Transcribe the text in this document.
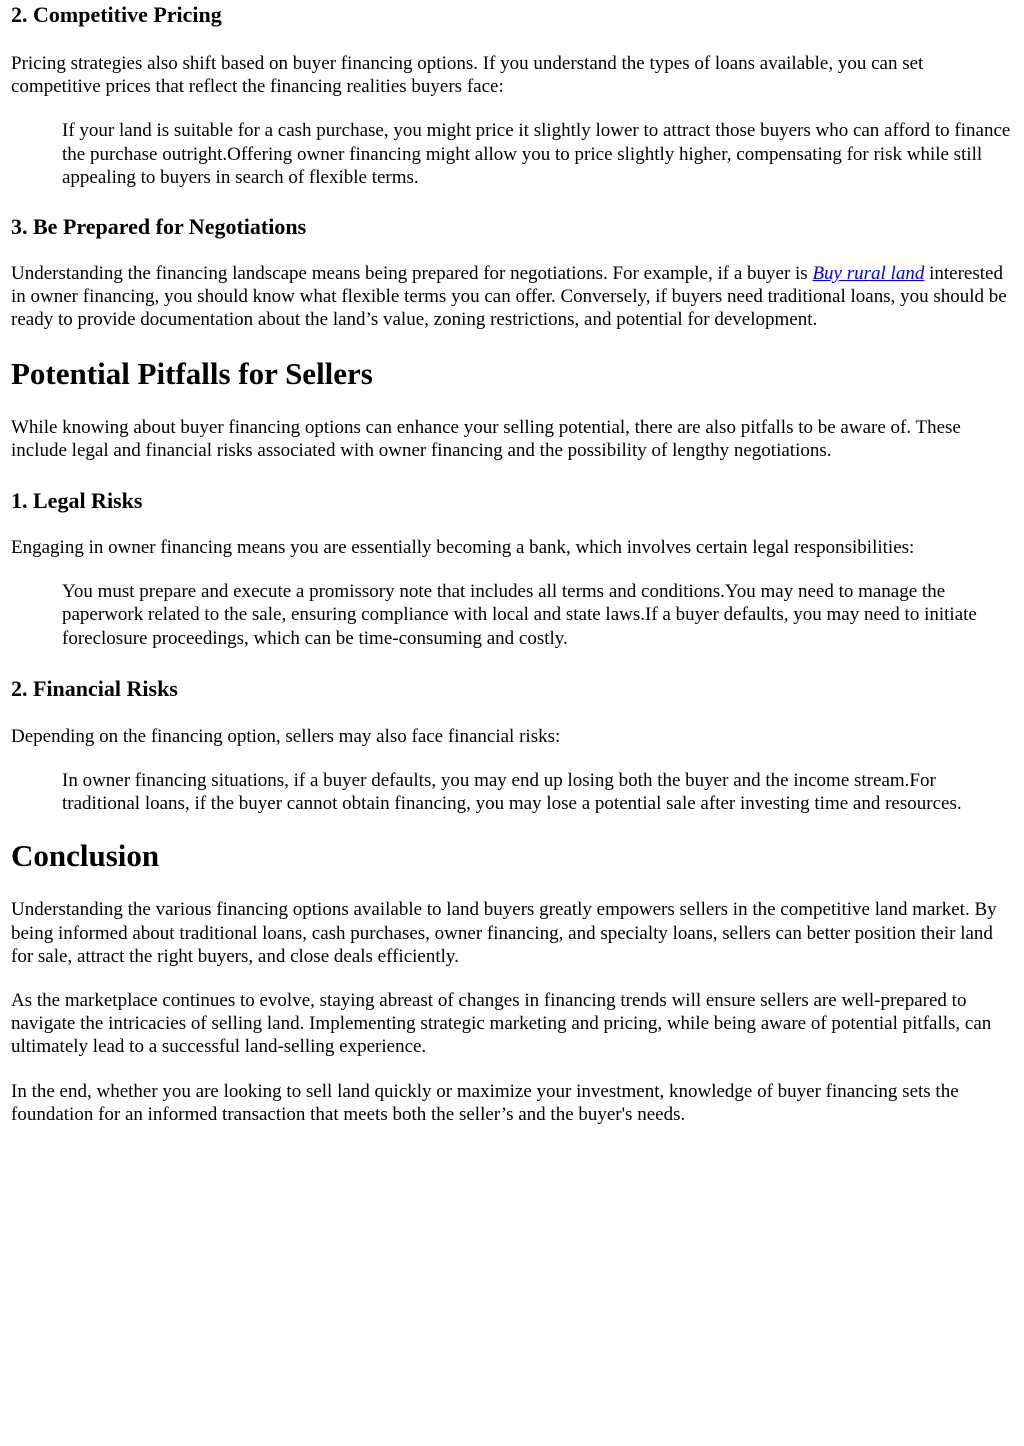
2. Competitive Pricing

Pricing strategies also shift based on buyer financing options. If you understand the types of loans available, you can set competitive prices that reflect the financing realities buyers face:

If your land is suitable for a cash purchase, you might price it slightly lower to attract those buyers who can afford to finance the purchase outright.Offering owner financing might allow you to price slightly higher, compensating for risk while still appealing to buyers in search of flexible terms.

3. Be Prepared for Negotiations

Understanding the financing landscape means being prepared for negotiations. For example, if a buyer is Buy rural land interested in owner financing, you should know what flexible terms you can offer. Conversely, if buyers need traditional loans, you should be ready to provide documentation about the land’s value, zoning restrictions, and potential for development.

Potential Pitfalls for Sellers

While knowing about buyer financing options can enhance your selling potential, there are also pitfalls to be aware of. These include legal and financial risks associated with owner financing and the possibility of lengthy negotiations.

1. Legal Risks

Engaging in owner financing means you are essentially becoming a bank, which involves certain legal responsibilities:

You must prepare and execute a promissory note that includes all terms and conditions.You may need to manage the paperwork related to the sale, ensuring compliance with local and state laws.If a buyer defaults, you may need to initiate foreclosure proceedings, which can be time-consuming and costly.

2. Financial Risks

Depending on the financing option, sellers may also face financial risks:

In owner financing situations, if a buyer defaults, you may end up losing both the buyer and the income stream.For traditional loans, if the buyer cannot obtain financing, you may lose a potential sale after investing time and resources.

Conclusion

Understanding the various financing options available to land buyers greatly empowers sellers in the competitive land market. By being informed about traditional loans, cash purchases, owner financing, and specialty loans, sellers can better position their land for sale, attract the right buyers, and close deals efficiently.

As the marketplace continues to evolve, staying abreast of changes in financing trends will ensure sellers are well-prepared to navigate the intricacies of selling land. Implementing strategic marketing and pricing, while being aware of potential pitfalls, can ultimately lead to a successful land-selling experience.

In the end, whether you are looking to sell land quickly or maximize your investment, knowledge of buyer financing sets the foundation for an informed transaction that meets both the seller’s and the buyer's needs.
